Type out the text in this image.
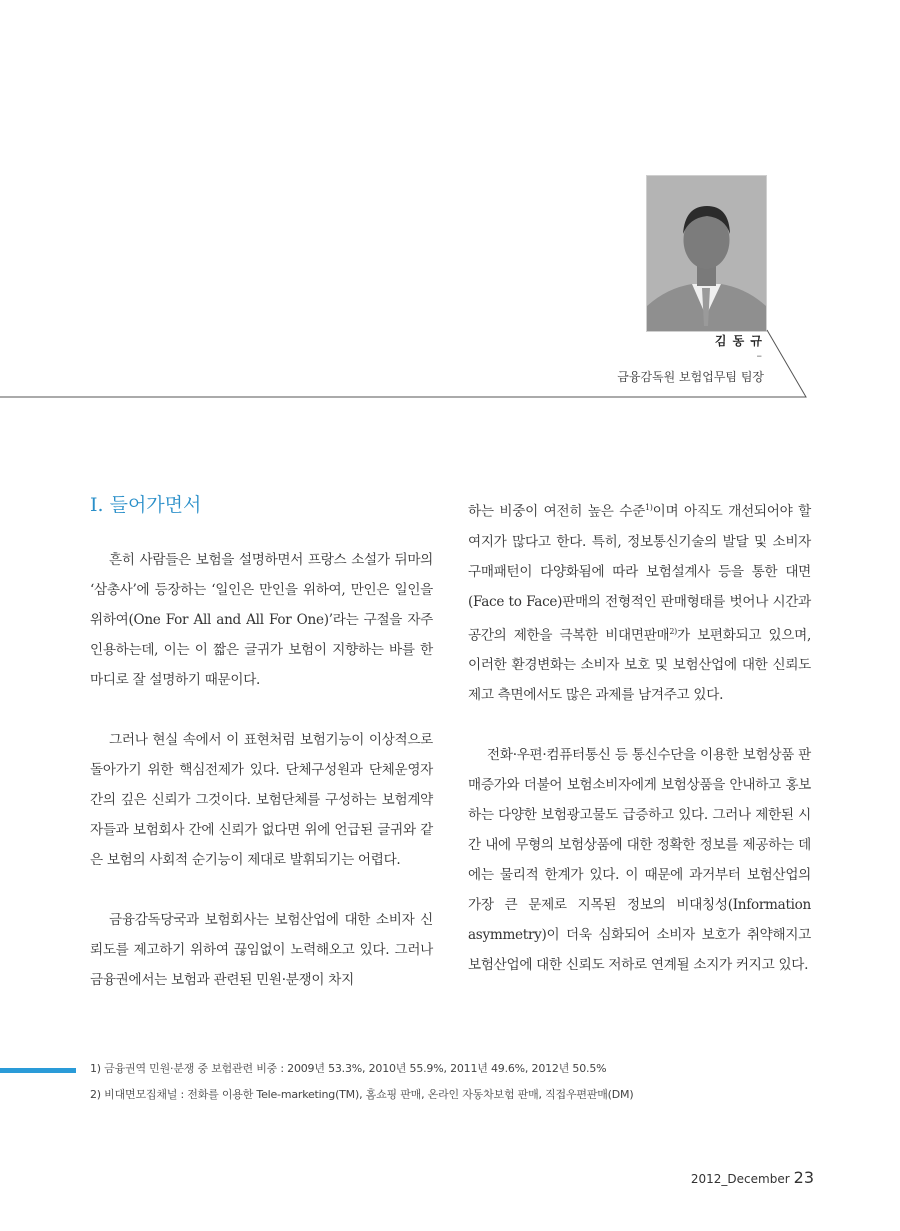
김 동 규
–
금융감독원 보험업무팀 팀장
I. 들어가면서

흔히 사람들은 보험을 설명하면서 프랑스 소설가 뒤마의 ‘삼총사’에 등장하는 ‘일인은 만인을 위하여, 만인은 일인을 위하여(One For All and All For One)’라는 구절을 자주 인용하는데, 이는 이 짧은 글귀가 보험이 지향하는 바를 한마디로 잘 설명하기 때문이다.

그러나 현실 속에서 이 표현처럼 보험기능이 이상적으로 돌아가기 위한 핵심전제가 있다. 단체구성원과 단체운영자간의 깊은 신뢰가 그것이다. 보험단체를 구성하는 보험계약자들과 보험회사 간에 신뢰가 없다면 위에 언급된 글귀와 같은 보험의 사회적 순기능이 제대로 발휘되기는 어렵다.

금융감독당국과 보험회사는 보험산업에 대한 소비자 신뢰도를 제고하기 위하여 끊임없이 노력해오고 있다. 그러나 금융권에서는 보험과 관련된 민원·분쟁이 차지

하는 비중이 여전히 높은 수준$^{1)}$이며 아직도 개선되어야 할 여지가 많다고 한다. 특히, 정보통신기술의 발달 및 소비자 구매패턴이 다양화됨에 따라 보험설계사 등을 통한 대면(Face to Face)판매의 전형적인 판매형태를 벗어나 시간과 공간의 제한을 극복한 비대면판매$^{2)}$가 보편화되고 있으며, 이러한 환경변화는 소비자 보호 및 보험산업에 대한 신뢰도 제고 측면에서도 많은 과제를 남겨주고 있다.

전화·우편·컴퓨터통신 등 통신수단을 이용한 보험상품 판매증가와 더불어 보험소비자에게 보험상품을 안내하고 홍보하는 다양한 보험광고물도 급증하고 있다. 그러나 제한된 시간 내에 무형의 보험상품에 대한 정확한 정보를 제공하는 데에는 물리적 한계가 있다. 이 때문에 과거부터 보험산업의 가장 큰 문제로 지목된 정보의 비대칭성(Information asymmetry)이 더욱 심화되어 소비자 보호가 취약해지고 보험산업에 대한 신뢰도 저하로 연계될 소지가 커지고 있다.

1) 금융권역 민원·분쟁 중 보험관련 비중 : 2009년 53.3%, 2010년 55.9%, 2011년 49.6%, 2012년 50.5%
2) 비대면모집채널 : 전화를 이용한 Tele-marketing(TM), 홈쇼핑 판매, 온라인 자동차보험 판매, 직접우편판매(DM)
2012_December 23
